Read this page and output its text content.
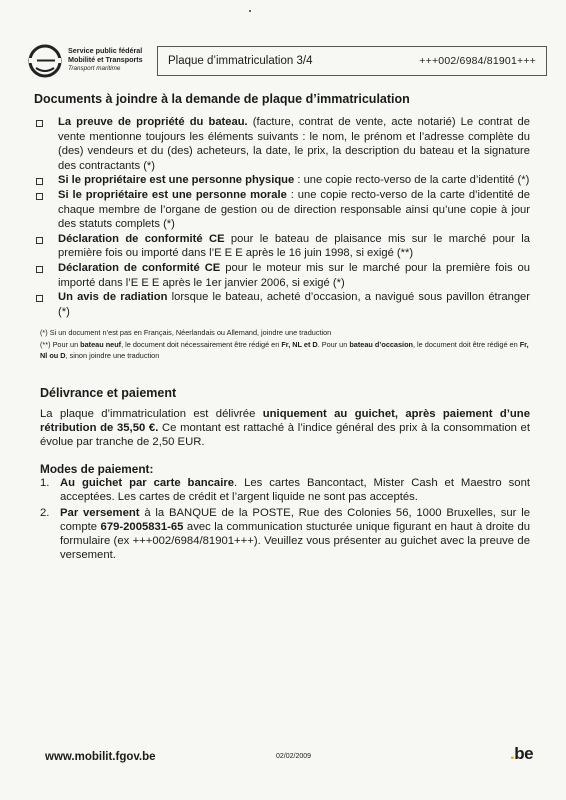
Service public fédéral
Mobilité et Transports
Transport maritime
Plaque d’immatriculation 3/4	+++002/6984/81901+++
Documents à joindre à la demande de plaque d’immatriculation
La preuve de propriété du bateau. (facture, contrat de vente, acte notarié) Le contrat de vente mentionne toujours les éléments suivants : le nom, le prénom et l’adresse complète du (des) vendeurs et du (des) acheteurs, la date, le prix, la description du bateau et la signature des contractants (*)
Si le propriétaire est une personne physique : une copie recto-verso de la carte d’identité (*)
Si le propriétaire est une personne morale : une copie recto-verso de la carte d’identité de chaque membre de l’organe de gestion ou de direction responsable ainsi qu’une copie à jour des statuts complets (*)
Déclaration de conformité CE pour le bateau de plaisance mis sur le marché pour la première fois ou importé dans l’E E E après le 16 juin 1998, si exigé (**)
Déclaration de conformité CE pour le moteur mis sur le marché pour la première fois ou importé dans l’E E E après le 1er janvier 2006, si exigé (*)
Un avis de radiation lorsque le bateau, acheté d’occasion, a navigué sous pavillon étranger (*)

(*) Si un document n’est pas en Français, Néerlandais ou Allemand, joindre une traduction

(**) Pour un bateau neuf, le document doit nécessairement être rédigé en Fr, NL et D. Pour un bateau d’occasion, le document doit être rédigé en Fr, Nl ou D, sinon joindre une traduction

Délivrance et paiement
La plaque d’immatriculation est délivrée uniquement au guichet, après paiement d’une rétribution de 35,50 €. Ce montant est rattaché à l’indice général des prix à la consommation et évolue par tranche de 2,50 EUR.
Modes de paiement:
1. Au guichet par carte bancaire. Les cartes Bancontact, Mister Cash et Maestro sont acceptées. Les cartes de crédit et l’argent liquide ne sont pas acceptés.
2. Par versement à la BANQUE de la POSTE, Rue des Colonies 56, 1000 Bruxelles, sur le compte 679-2005831-65 avec la communication stucturée unique figurant en haut à droite du formulaire (ex +++002/6984/81901+++). Veuillez vous présenter au guichet avec la preuve de versement.
www.mobilit.fgov.be	02/02/2009	.be
